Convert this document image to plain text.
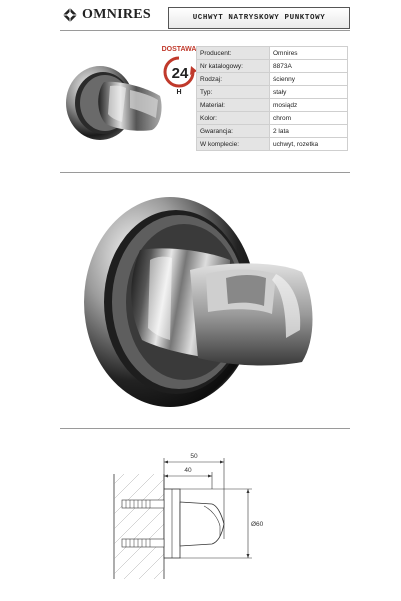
OMNIRES	UCHWYT NATRYSKOWY PUNKTOWY
DOSTAWA
24
H
Producent:	Omnires
Nr katalogowy:	8873A
Rodzaj:	ścienny
Typ:	stały
Materiał:	mosiądz
Kolor:	chrom
Gwarancja:	2 lata
W komplecie:	uchwyt, rozetka
50
40
Ø60
